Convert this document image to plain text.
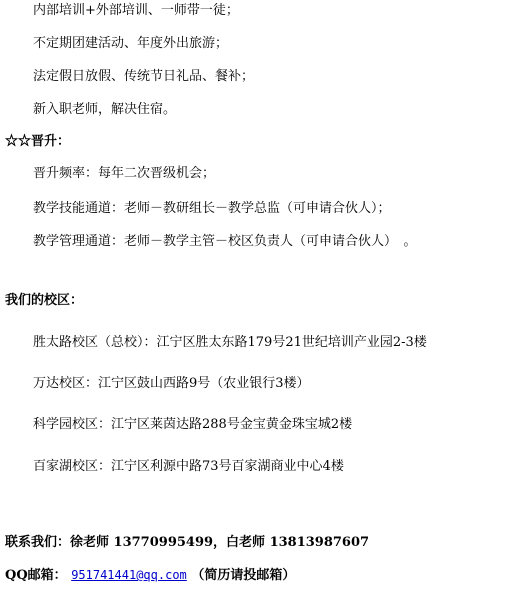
内部培训+外部培训、一师带一徒；
不定期团建活动、年度外出旅游；
法定假日放假、传统节日礼品、餐补；
新入职老师，解决住宿。
☆☆晋升：
晋升频率：每年二次晋级机会；
教学技能通道：老师－教研组长－教学总监（可申请合伙人）；
教学管理通道：老师－教学主管－校区负责人（可申请合伙人）　。
我们的校区：
胜太路校区（总校）：江宁区胜太东路179号21世纪培训产业园2-3楼
万达校区：江宁区鼓山西路9号（农业银行3楼）
科学园校区：江宁区莱茵达路288号金宝黄金珠宝城2楼
百家湖校区：江宁区利源中路73号百家湖商业中心4楼
联系我们：徐老师 13770995499，白老师 13813987607
QQ邮箱： 951741441@qq.com （简历请投邮箱）
